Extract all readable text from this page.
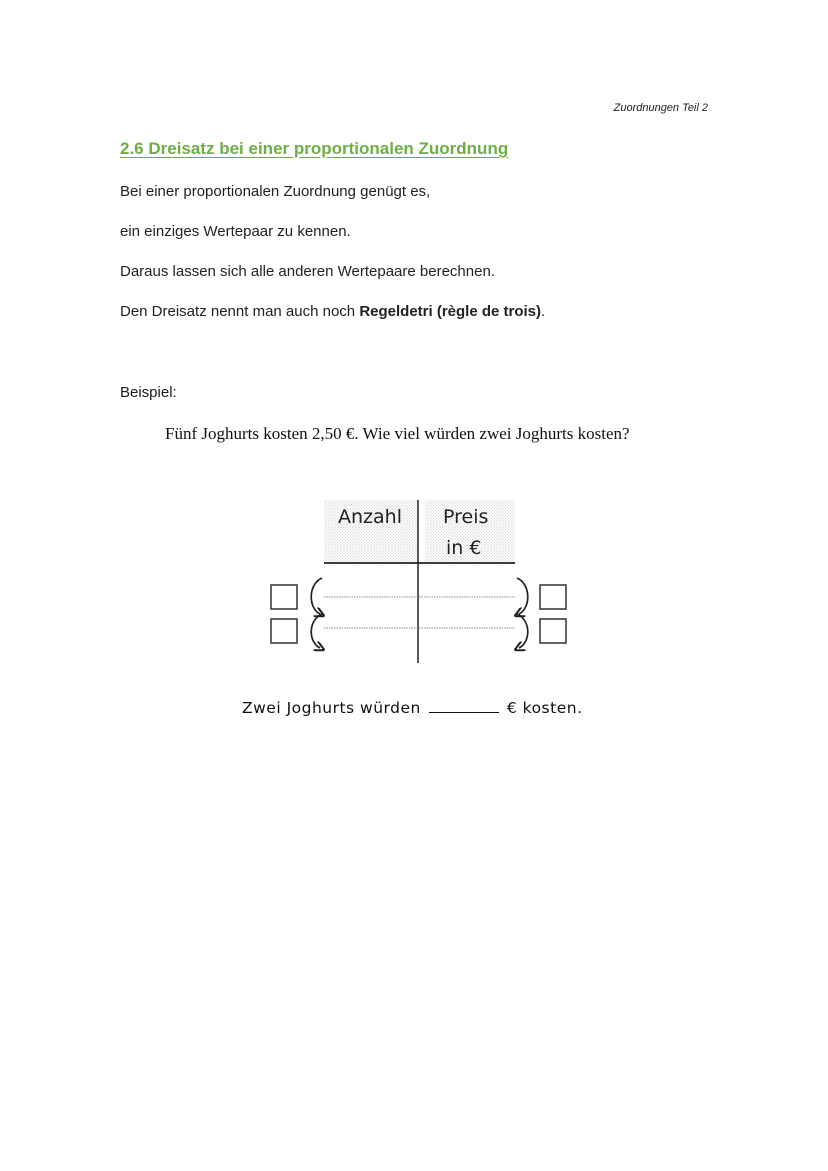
Zuordnungen Teil 2
2.6 Dreisatz bei einer proportionalen Zuordnung
Bei einer proportionalen Zuordnung genügt es,
ein einziges Wertepaar zu kennen.
Daraus lassen sich alle anderen Wertepaare berechnen.
Den Dreisatz nennt man auch noch Regeldetri (règle de trois).
Beispiel:
Fünf Joghurts kosten 2,50 €. Wie viel würden zwei Joghurts kosten?
Anzahl Preis
in €
Zwei Joghurts würden	€ kosten.
